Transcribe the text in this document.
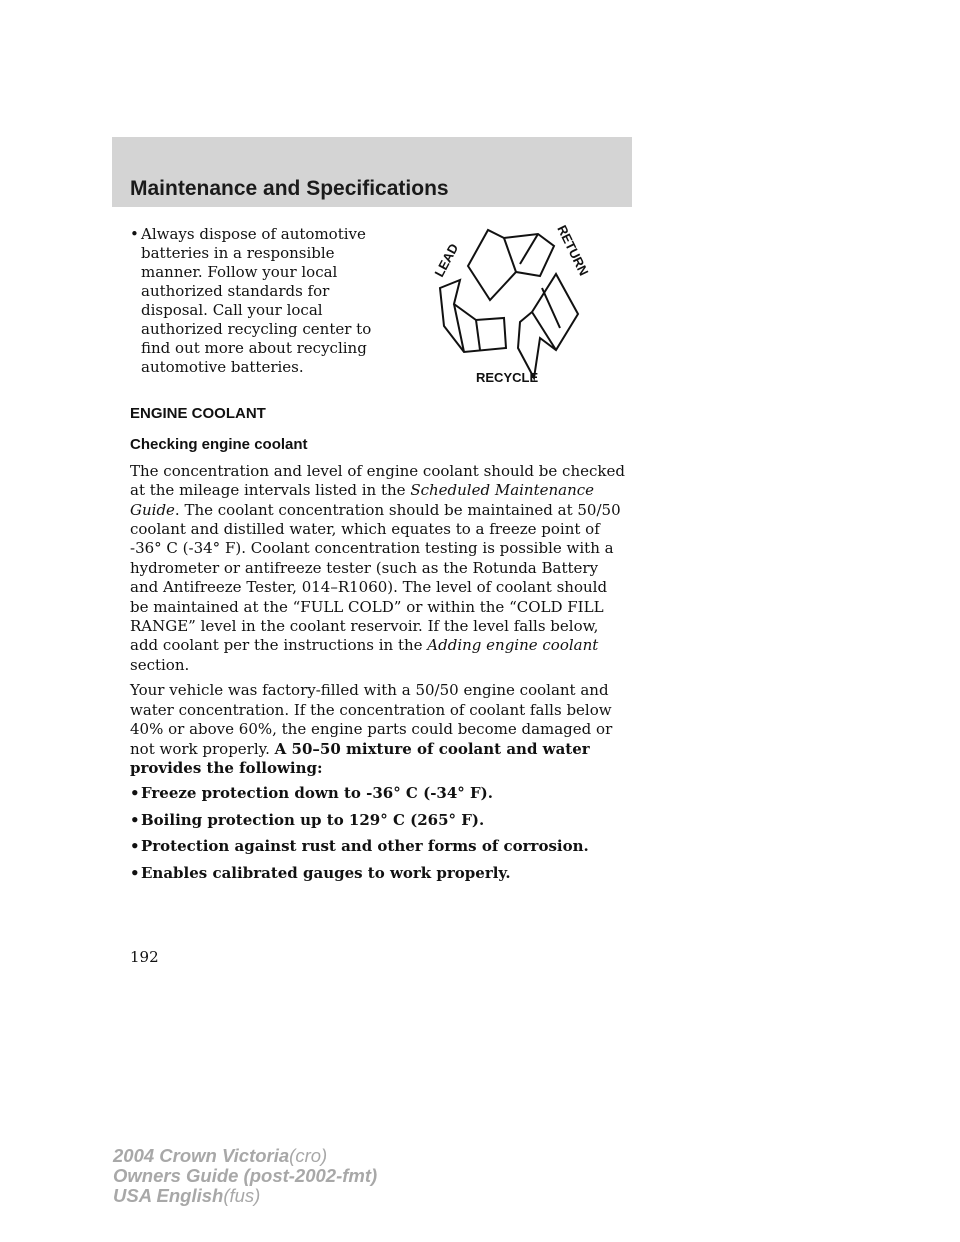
Maintenance and Specifications
• Always dispose of automotive batteries in a responsible manner. Follow your local authorized standards for disposal. Call your local authorized recycling center to find out more about recycling automotive batteries.
LEAD	RETURN
RECYCLE
ENGINE COOLANT
Checking engine coolant

The concentration and level of engine coolant should be checked at the mileage intervals listed in the Scheduled Maintenance Guide. The coolant concentration should be maintained at 50/50 coolant and distilled water, which equates to a freeze point of -36° C (-34° F). Coolant concentration testing is possible with a hydrometer or antifreeze tester (such as the Rotunda Battery and Antifreeze Tester, 014–R1060). The level of coolant should be maintained at the “FULL COLD” or within the “COLD FILL RANGE” level in the coolant reservoir. If the level falls below, add coolant per the instructions in the Adding engine coolant section.

Your vehicle was factory-filled with a 50/50 engine coolant and water concentration. If the concentration of coolant falls below 40% or above 60%, the engine parts could become damaged or not work properly. A 50–50 mixture of coolant and water provides the following:

• Freeze protection down to -36° C (-34° F).
• Boiling protection up to 129° C (265° F).
• Protection against rust and other forms of corrosion.
• Enables calibrated gauges to work properly.
192
2004 Crown Victoria(cro)
Owners Guide (post-2002-fmt)
USA English(fus)
